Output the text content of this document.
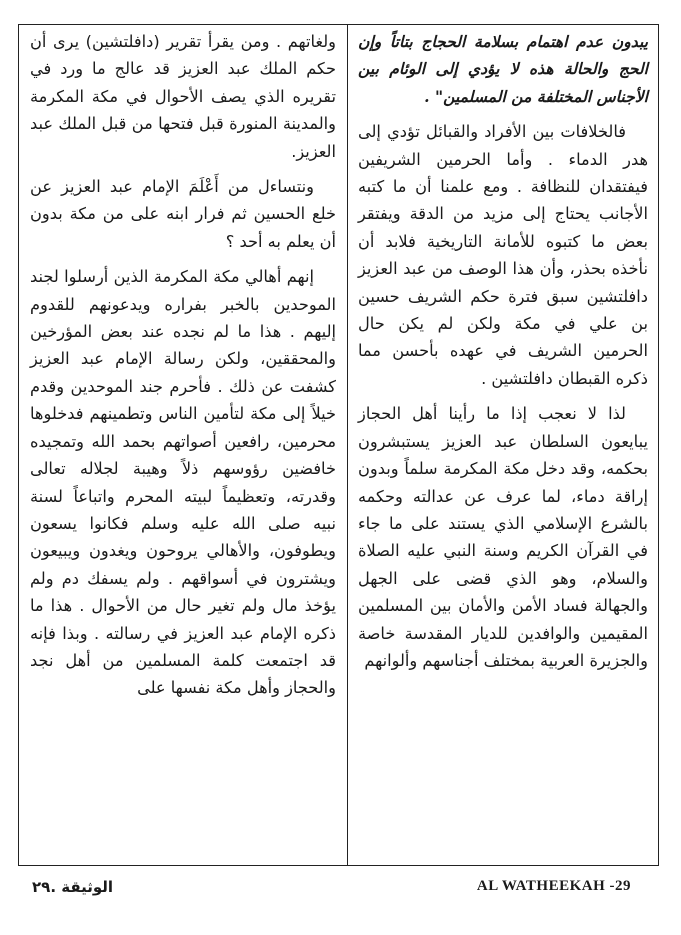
يبدون عدم اهتمام بسلامة الحجاج بتاتاً وإن الحج والحالة هذه لا يؤدي إلى الوئام بين الأجناس المختلفة من المسلمين" .

فالخلافات بين الأفراد والقبائل تؤدي إلى هدر الدماء . وأما الحرمين الشريفين فيفتقدان للنظافة . ومع علمنا أن ما كتبه الأجانب يحتاج إلى مزيد من الدقة ويفتقر بعض ما كتبوه للأمانة التاريخية فلابد أن نأخذه بحذر، وأن هذا الوصف من عبد العزيز دافلتشين سبق فترة حكم الشريف حسين بن علي في مكة ولكن لم يكن حال الحرمين الشريف في عهده بأحسن مما ذكره القبطان دافلتشين .

لذا لا نعجب إذا ما رأينا أهل الحجاز يبايعون السلطان عبد العزيز يستبشرون بحكمه، وقد دخل مكة المكرمة سلماً وبدون إراقة دماء، لما عرف عن عدالته وحكمه بالشرع الإسلامي الذي يستند على ما جاء في القرآن الكريم وسنة النبي عليه الصلاة والسلام، وهو الذي قضى على الجهل والجهالة فساد الأمن والأمان بين المسلمين المقيمين والوافدين للديار المقدسة خاصة والجزيرة العربية بمختلف أجناسهم وألوانهم

ولغاتهم . ومن يقرأ تقرير (دافلتشين) يرى أن حكم الملك عبد العزيز قد عالج ما ورد في تقريره الذي يصف الأحوال في مكة المكرمة والمدينة المنورة قبل فتحها من قبل الملك عبد العزيز.

ونتساءل من أَعْلَمَ الإمام عبد العزيز عن خلع الحسين ثم فرار ابنه على من مكة بدون أن يعلم به أحد ؟

إنهم أهالي مكة المكرمة الذين أرسلوا لجند الموحدين بالخبر بفراره ويدعونهم للقدوم إليهم . هذا ما لم نجده عند بعض المؤرخين والمحققين، ولكن رسالة الإمام عبد العزيز كشفت عن ذلك . فأحرم جند الموحدين وقدم خيلاً إلى مكة لتأمين الناس وتطمينهم فدخلوها محرمين، رافعين أصواتهم بحمد الله وتمجيده خافضين رؤوسهم ذلاً وهيبة لجلاله تعالى وقدرته، وتعظيماً لبيته المحرم واتباعاً لسنة نبيه صلى الله عليه وسلم فكانوا يسعون ويطوفون، والأهالي يروحون ويغدون ويبيعون ويشترون في أسواقهم . ولم يسفك دم ولم يؤخذ مال ولم تغير حال من الأحوال . هذا ما ذكره الإمام عبد العزيز في رسالته . وبذا فإنه قد اجتمعت كلمة المسلمين من أهل نجد والحجاز وأهل مكة نفسها على

الوثيقة .٢٩	AL WATHEEKAH -29
